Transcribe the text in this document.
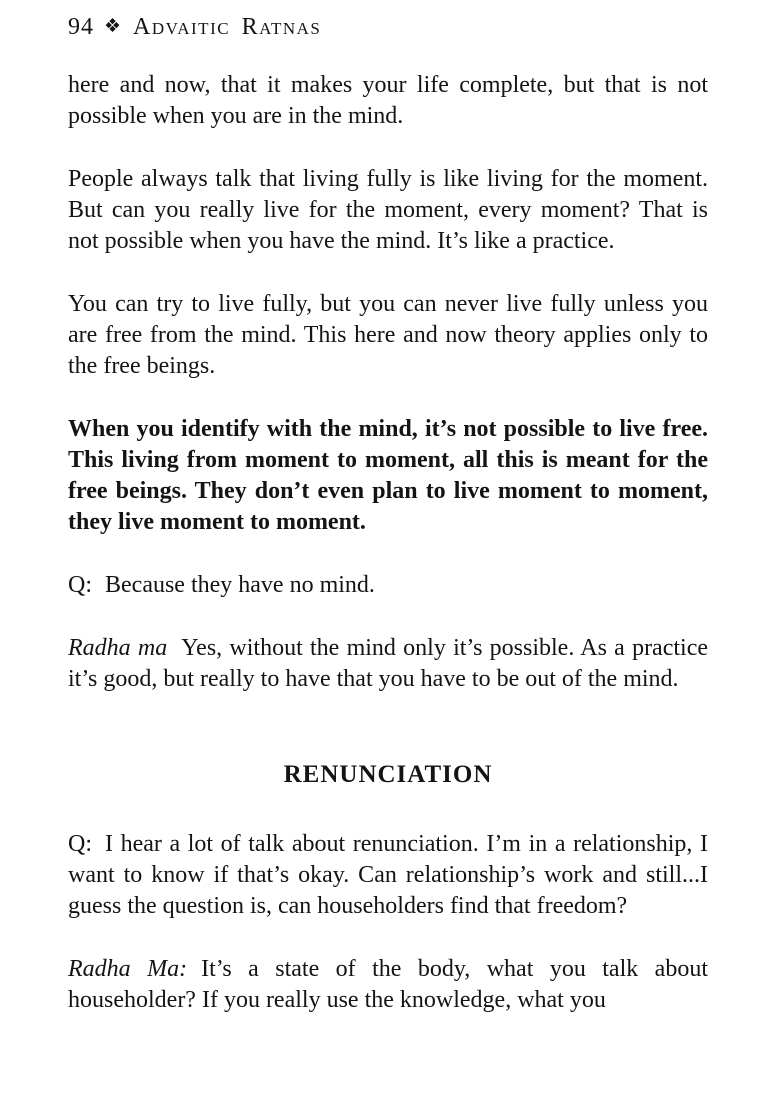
94 ❖ Advaitic Ratnas

here and now, that it makes your life complete, but that is not possible when you are in the mind.

People always talk that living fully is like living for the moment. But can you really live for the moment, every moment? That is not possible when you have the mind. It’s like a practice.

You can try to live fully, but you can never live fully unless you are free from the mind. This here and now theory applies only to the free beings.

When you identify with the mind, it’s not possible to live free. This living from moment to moment, all this is meant for the free beings. They don’t even plan to live moment to moment, they live moment to moment.

Q: Because they have no mind.

Radha ma Yes, without the mind only it’s possible. As a practice it’s good, but really to have that you have to be out of the mind.

RENUNCIATION

Q: I hear a lot of talk about renunciation. I’m in a relationship, I want to know if that’s okay. Can relationship’s work and still...I guess the question is, can householders find that freedom?

Radha Ma: It’s a state of the body, what you talk about householder? If you really use the knowledge, what you
